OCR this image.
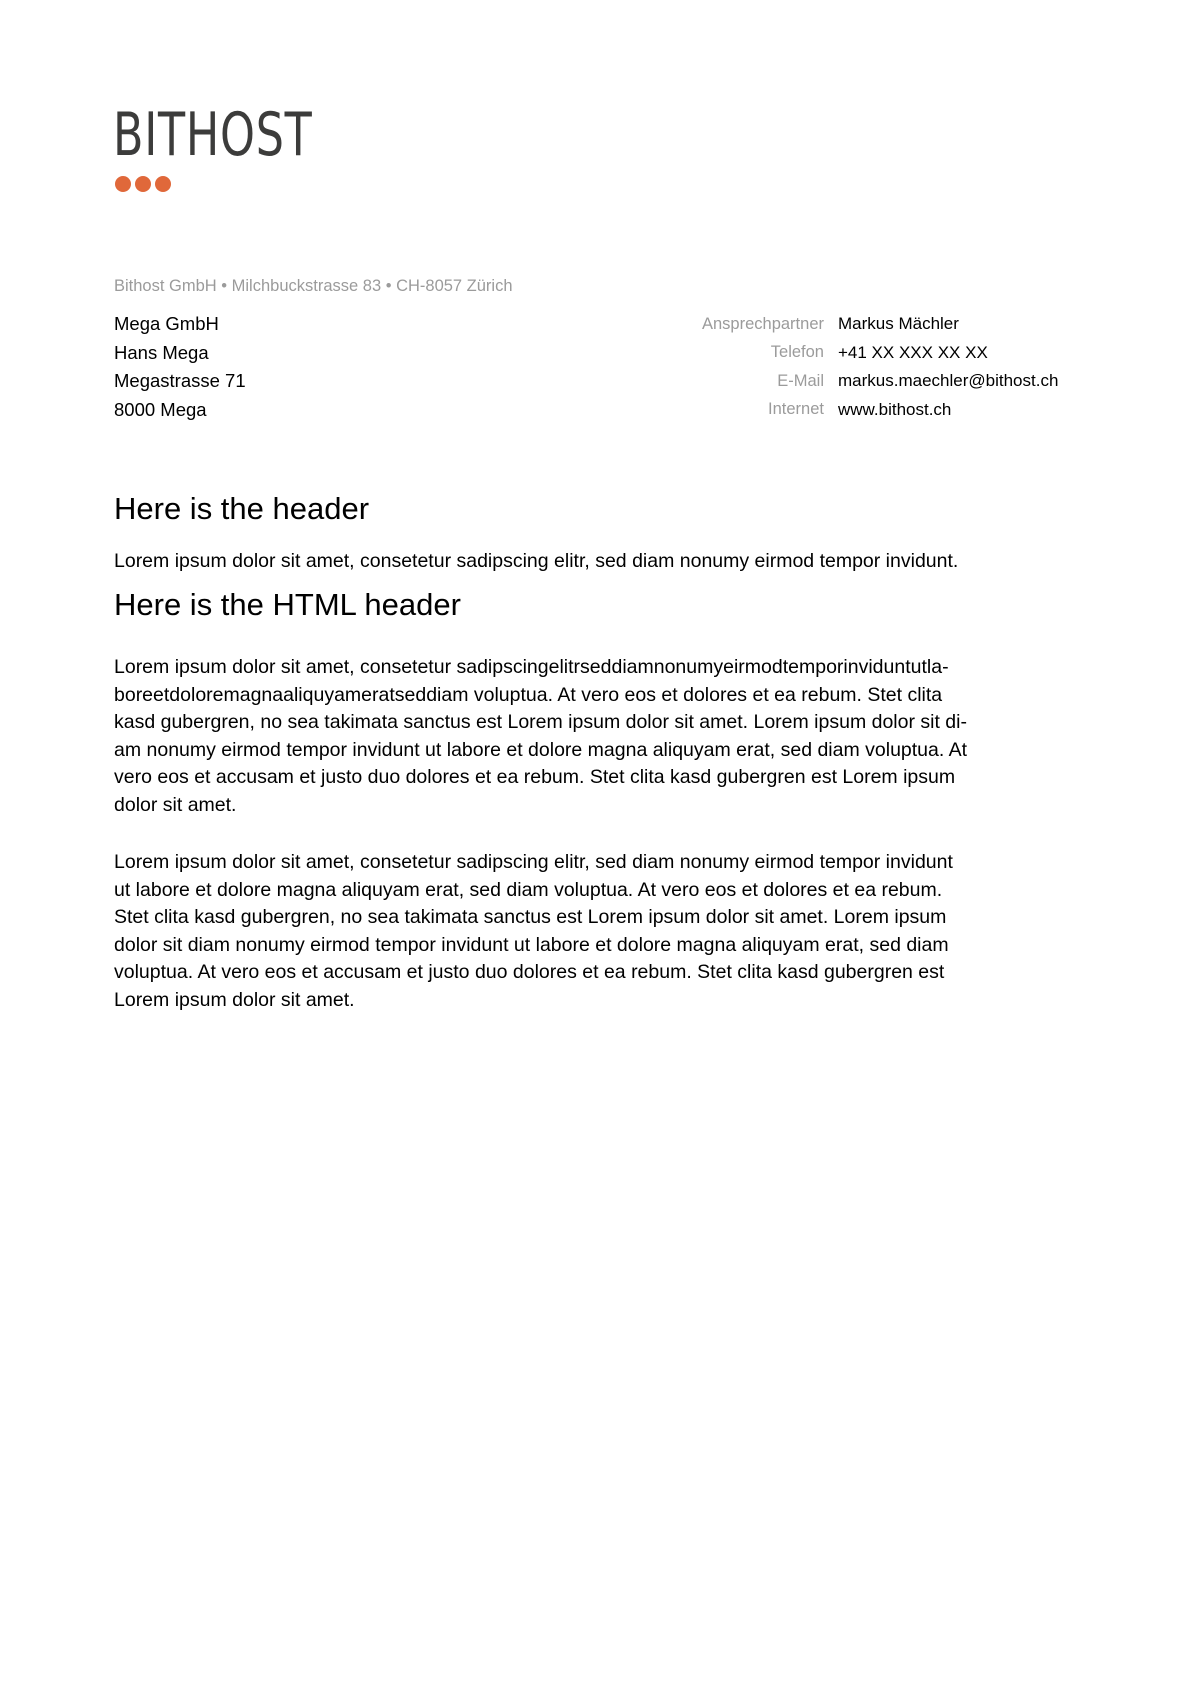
BITHOST
Bithost GmbH • Milchbuckstrasse 83 • CH-8057 Zürich
Mega GmbH
Hans Mega
Megastrasse 71
8000 Mega
Ansprechpartner	Markus Mächler
Telefon	+41 XX XXX XX XX
E-Mail	markus.maechler@bithost.ch
Internet	www.bithost.ch
Here is the header

Lorem ipsum dolor sit amet, consetetur sadipscing elitr, sed diam nonumy eirmod tempor invidunt.

Here is the HTML header

Lorem ipsum dolor sit amet, consetetur sadipscingelitrseddiamnonumyeirmodtemporinviduntutla-
boreetdoloremagnaaliquyameratseddiam voluptua. At vero eos et dolores et ea rebum. Stet clita
kasd gubergren, no sea takimata sanctus est Lorem ipsum dolor sit amet. Lorem ipsum dolor sit di-
am nonumy eirmod tempor invidunt ut labore et dolore magna aliquyam erat, sed diam voluptua. At
vero eos et accusam et justo duo dolores et ea rebum. Stet clita kasd gubergren est Lorem ipsum
dolor sit amet.

Lorem ipsum dolor sit amet, consetetur sadipscing elitr, sed diam nonumy eirmod tempor invidunt
ut labore et dolore magna aliquyam erat, sed diam voluptua. At vero eos et dolores et ea rebum.
Stet clita kasd gubergren, no sea takimata sanctus est Lorem ipsum dolor sit amet. Lorem ipsum
dolor sit diam nonumy eirmod tempor invidunt ut labore et dolore magna aliquyam erat, sed diam
voluptua. At vero eos et accusam et justo duo dolores et ea rebum. Stet clita kasd gubergren est
Lorem ipsum dolor sit amet.
